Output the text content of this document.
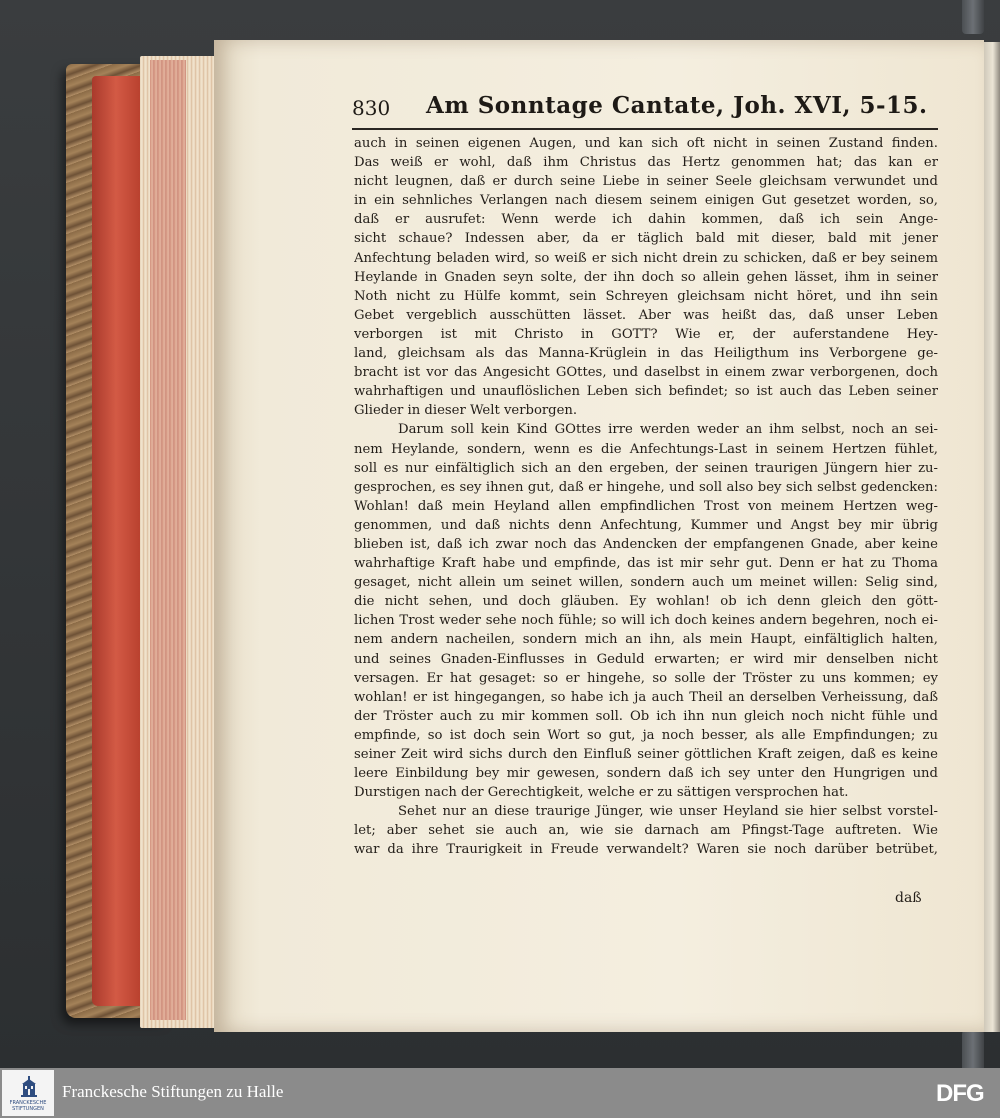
830 Am Sonntage Cantate, Joh. XVI, 5-15.
auch in seinen eigenen Augen, und kan sich oft nicht in seinen Zustand finden.
Das weiß er wohl, daß ihm Christus das Hertz genommen hat; das kan er
nicht leugnen, daß er durch seine Liebe in seiner Seele gleichsam verwundet und
in ein sehnliches Verlangen nach diesem seinem einigen Gut gesetzet worden, so,
daß er ausrufet: Wenn werde ich dahin kommen, daß ich sein Ange-
sicht schaue? Indessen aber, da er täglich bald mit dieser, bald mit jener
Anfechtung beladen wird, so weiß er sich nicht drein zu schicken, daß er bey seinem
Heylande in Gnaden seyn solte, der ihn doch so allein gehen lässet, ihm in seiner
Noth nicht zu Hülfe kommt, sein Schreyen gleichsam nicht höret, und ihn sein
Gebet vergeblich ausschütten lässet. Aber was heißt das, daß unser Leben
verborgen ist mit Christo in GOTT? Wie er, der auferstandene Hey-
land, gleichsam als das Manna-Krüglein in das Heiligthum ins Verborgene ge-
bracht ist vor das Angesicht GOttes, und daselbst in einem zwar verborgenen, doch
wahrhaftigen und unauflöslichen Leben sich befindet; so ist auch das Leben seiner
Glieder in dieser Welt verborgen.
Darum soll kein Kind GOttes irre werden weder an ihm selbst, noch an sei-
nem Heylande, sondern, wenn es die Anfechtungs-Last in seinem Hertzen fühlet,
soll es nur einfältiglich sich an den ergeben, der seinen traurigen Jüngern hier zu-
gesprochen, es sey ihnen gut, daß er hingehe, und soll also bey sich selbst gedencken:
Wohlan! daß mein Heyland allen empfindlichen Trost von meinem Hertzen weg-
genommen, und daß nichts denn Anfechtung, Kummer und Angst bey mir übrig
blieben ist, daß ich zwar noch das Andencken der empfangenen Gnade, aber keine
wahrhaftige Kraft habe und empfinde, das ist mir sehr gut. Denn er hat zu Thoma
gesaget, nicht allein um seinet willen, sondern auch um meinet willen: Selig sind,
die nicht sehen, und doch gläuben. Ey wohlan! ob ich denn gleich den gött-
lichen Trost weder sehe noch fühle; so will ich doch keines andern begehren, noch ei-
nem andern nacheilen, sondern mich an ihn, als mein Haupt, einfältiglich halten,
und seines Gnaden-Einflusses in Geduld erwarten; er wird mir denselben nicht
versagen. Er hat gesaget: so er hingehe, so solle der Tröster zu uns kommen; ey
wohlan! er ist hingegangen, so habe ich ja auch Theil an derselben Verheissung, daß
der Tröster auch zu mir kommen soll. Ob ich ihn nun gleich noch nicht fühle und
empfinde, so ist doch sein Wort so gut, ja noch besser, als alle Empfindungen; zu
seiner Zeit wird sichs durch den Einfluß seiner göttlichen Kraft zeigen, daß es keine
leere Einbildung bey mir gewesen, sondern daß ich sey unter den Hungrigen und
Durstigen nach der Gerechtigkeit, welche er zu sättigen versprochen hat.
Sehet nur an diese traurige Jünger, wie unser Heyland sie hier selbst vorstel-
let; aber sehet sie auch an, wie sie darnach am Pfingst-Tage auftreten. Wie
war da ihre Traurigkeit in Freude verwandelt? Waren sie noch darüber betrübet,
daß
FRANCKESCHE STIFTUNGEN
Franckesche Stiftungen zu Halle	DFG
